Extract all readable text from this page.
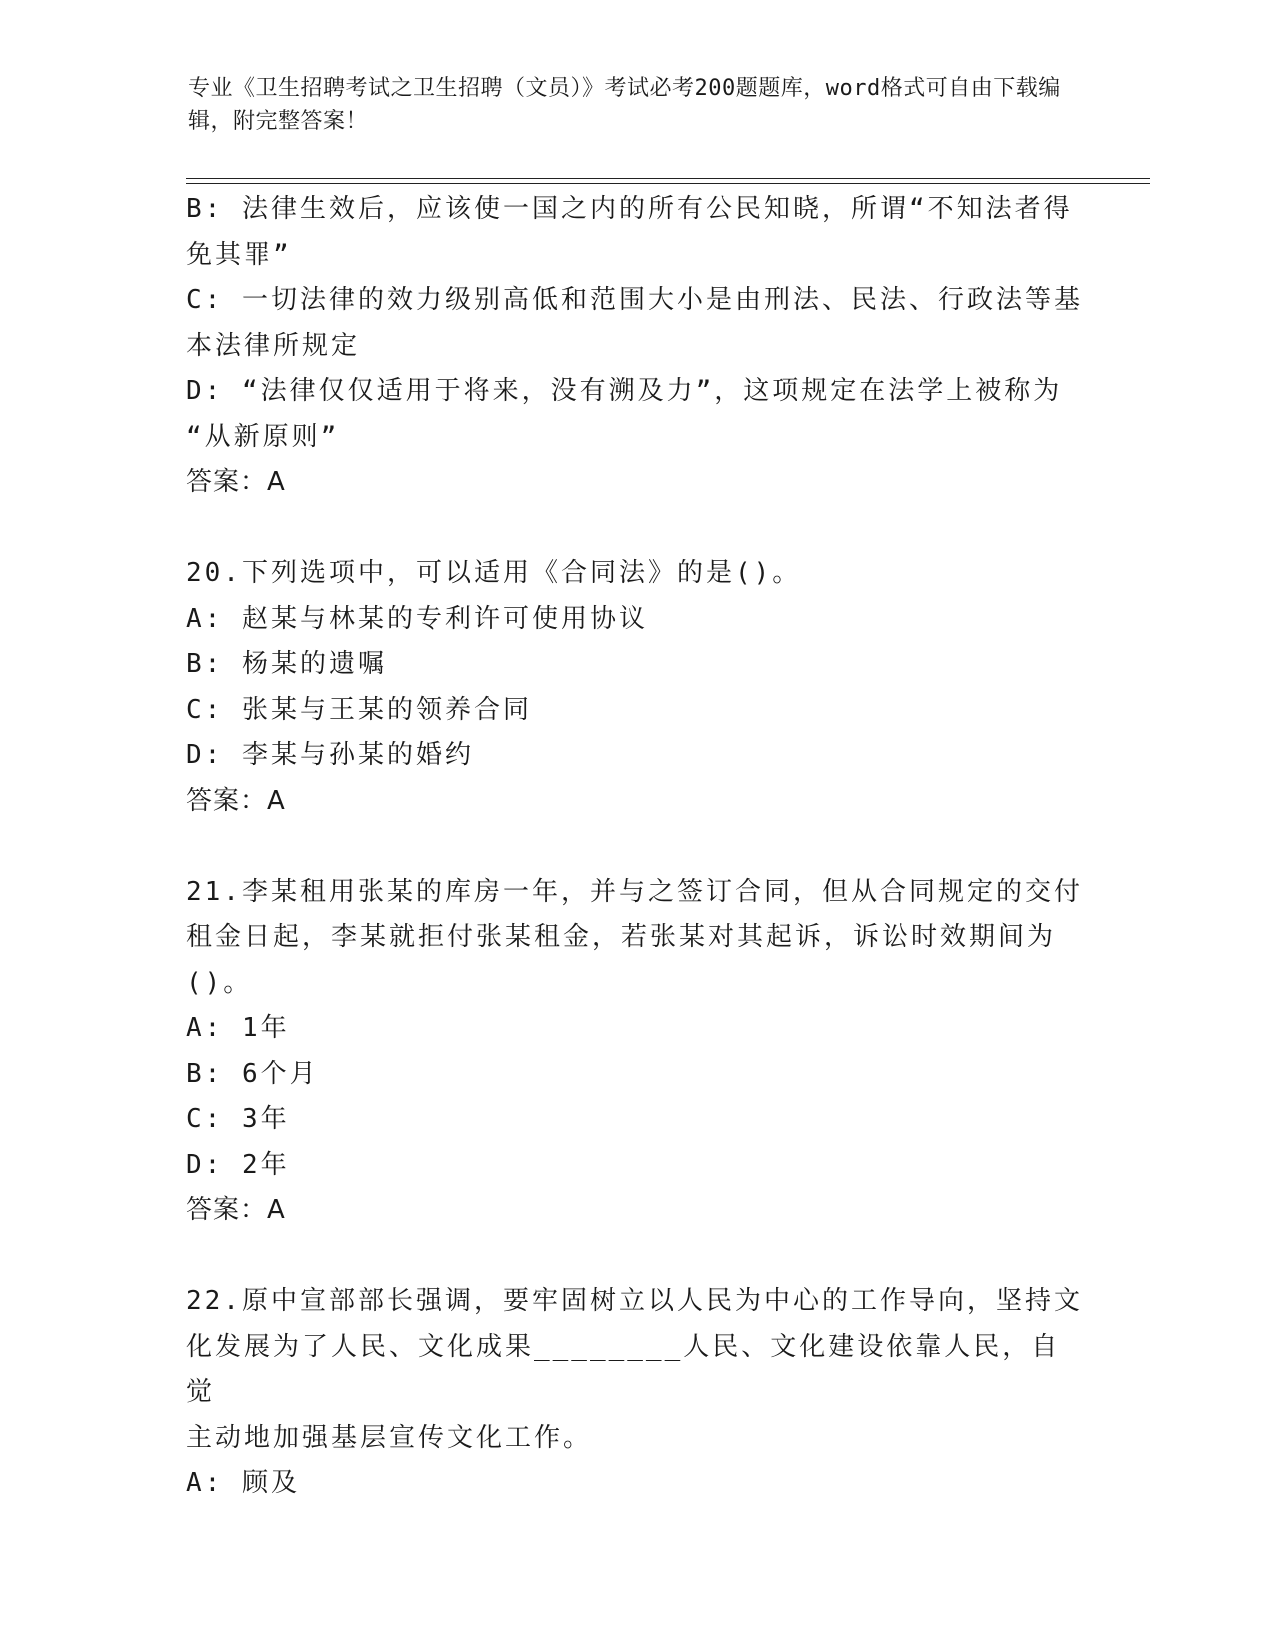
专业《卫生招聘考试之卫生招聘（文员）》考试必考200题题库，word格式可自由下载编辑，附完整答案！

B: 法律生效后，应该使一国之内的所有公民知晓，所谓“不知法者得

免其罪”

C: 一切法律的效力级别高低和范围大小是由刑法、民法、行政法等基

本法律所规定

D: “法律仅仅适用于将来，没有溯及力”，这项规定在法学上被称为

“从新原则”

答案：A

20.下列选项中，可以适用《合同法》的是()。

A: 赵某与林某的专利许可使用协议

B: 杨某的遗嘱

C: 张某与王某的领养合同

D: 李某与孙某的婚约

答案：A

21.李某租用张某的库房一年，并与之签订合同，但从合同规定的交付

租金日起，李某就拒付张某租金，若张某对其起诉，诉讼时效期间为

()。

A: 1年

B: 6个月

C: 3年

D: 2年

答案：A

22.原中宣部部长强调，要牢固树立以人民为中心的工作导向，坚持文

化发展为了人民、文化成果________人民、文化建设依靠人民，自觉

主动地加强基层宣传文化工作。

A: 顾及
